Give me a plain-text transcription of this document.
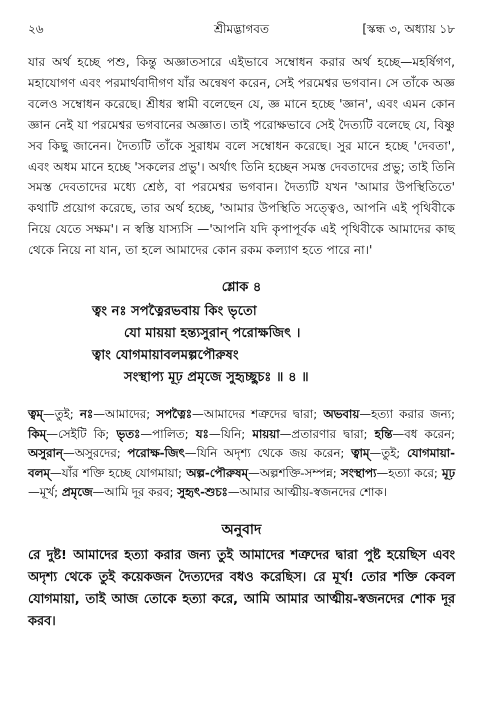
২৬	শ্রীমদ্ভাগবত	[স্কন্ধ ৩, অধ্যায় ১৮

যার অর্থ হচ্ছে পশু, কিন্তু অজ্ঞাতসারে এইভাবে সম্বোধন করার অর্থ হচ্ছে—মহর্ষিগণ, মহাযোগণ এবং পরমার্থবাদীগণ যাঁর অন্বেষণ করেন, সেই পরমেশ্বর ভগবান। সে তাঁকে অজ্ঞ বলেও সম্বোধন করেছে। শ্রীধর স্বামী বলেছেন যে, জ্ঞ মানে হচ্ছে 'জ্ঞান', এবং এমন কোন জ্ঞান নেই যা পরমেশ্বর ভগবানের অজ্ঞাত। তাই পরোক্ষভাবে সেই দৈত্যটি বলেছে যে, বিষ্ণু সব কিছু জানেন। দৈত্যটি তাঁকে সুরাধম বলে সম্বোধন করেছে। সুর মানে হচ্ছে 'দেবতা', এবং অধম মানে হচ্ছে 'সকলের প্রভু'। অর্থাৎ তিনি হচ্ছেন সমস্ত দেবতাদের প্রভু; তাই তিনি সমস্ত দেবতাদের মধ্যে শ্রেষ্ঠ, বা পরমেশ্বর ভগবান। দৈত্যটি যখন 'আমার উপস্থিতিতে' কথাটি প্রয়োগ করেছে, তার অর্থ হচ্ছে, 'আমার উপস্থিতি সত্ত্বেও, আপনি এই পৃথিবীকে নিয়ে যেতে সক্ষম'। ন স্বস্তি যাস্যসি —'আপনি যদি কৃপাপূর্বক এই পৃথিবীকে আমাদের কাছ থেকে নিয়ে না যান, তা হলে আমাদের কোন রকম কল্যাণ হতে পারে না।'

শ্লোক ৪
ত্বং নঃ সপত্নৈরভবায় কিং ভৃতো
যো মায়য়া হন্ত্যসুরান্ পরোক্ষজিৎ ।
ত্বাং যোগমায়াবলমল্পপৌরুষং
সংস্থাপ্য মূঢ় প্রমৃজে সুহৃচ্ছুচঃ ॥ ৪ ॥

ত্বম্—তুই; নঃ—আমাদের; সপত্নৈঃ—আমাদের শত্রুদের দ্বারা; অভবায়—হত্যা করার জন্য; কিম্—সেইটি কি; ভৃতঃ—পালিত; যঃ—যিনি; মায়য়া—প্রতারণার দ্বারা; হন্তি—বধ করেন; অসুরান্—অসুরদের; পরোক্ষ-জিৎ—যিনি অদৃশ্য থেকে জয় করেন; ত্বাম্—তুই; যোগমায়া-বলম্—যাঁর শক্তি হচ্ছে যোগমায়া; অল্প-পৌরুষম্—অল্পশক্তি-সম্পন্ন; সংস্থাপ্য—হত্যা করে; মূঢ়—মূর্খ; প্রমৃজে—আমি দূর করব; সুহৃৎ-শুচঃ—আমার আত্মীয়-স্বজনদের শোক।

অনুবাদ

রে দুষ্ট! আমাদের হত্যা করার জন্য তুই আমাদের শত্রুদের দ্বারা পুষ্ট হয়েছিস এবং অদৃশ্য থেকে তুই কয়েকজন দৈত্যদের বধও করেছিস। রে মূর্খ! তোর শক্তি কেবল যোগমায়া, তাই আজ তোকে হত্যা করে, আমি আমার আত্মীয়-স্বজনদের শোক দূর করব।
